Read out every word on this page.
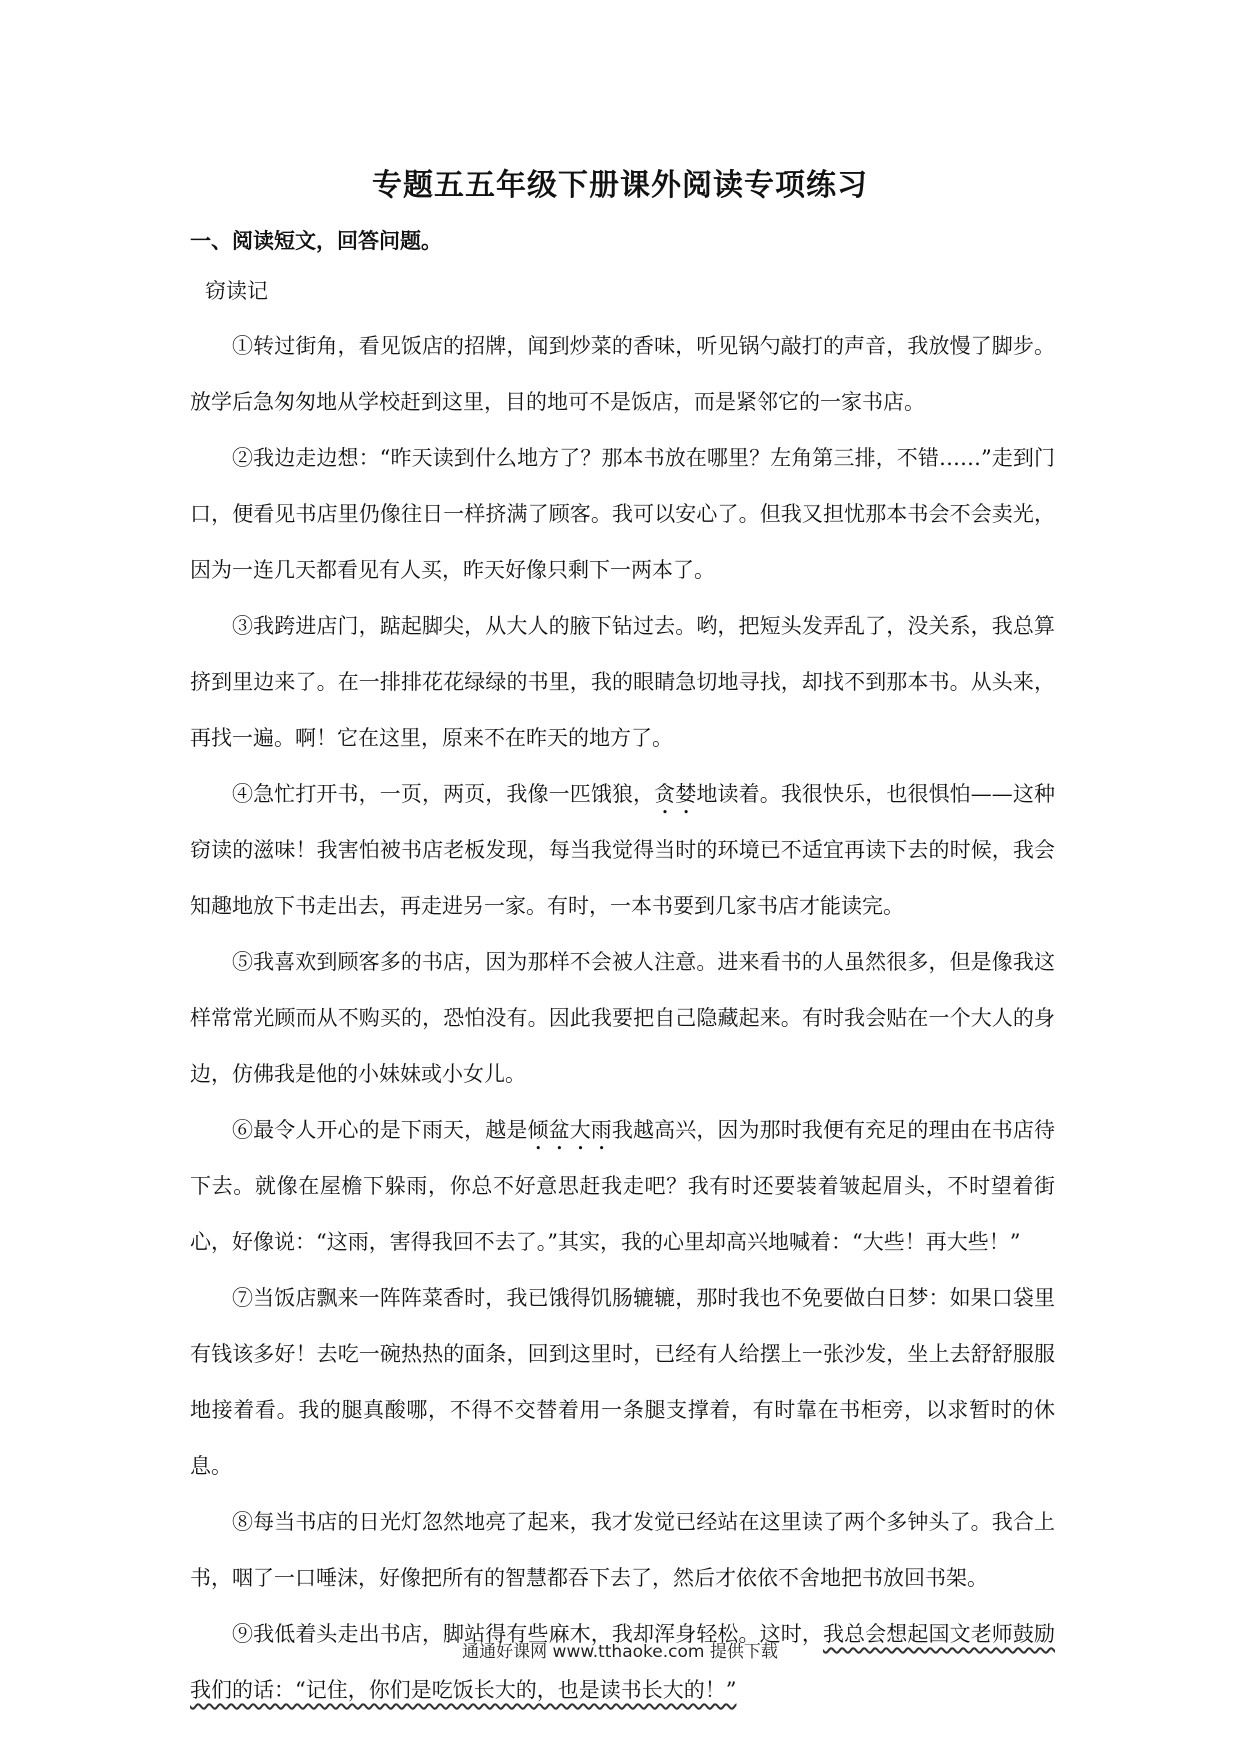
专题五五年级下册课外阅读专项练习
一、阅读短文，回答问题。
窃读记

①转过街角，看见饭店的招牌，闻到炒菜的香味，听见锅勺敲打的声音，我放慢了脚步。放学后急匆匆地从学校赶到这里，目的地可不是饭店，而是紧邻它的一家书店。

②我边走边想：“昨天读到什么地方了？那本书放在哪里？左角第三排，不错……”走到门口，便看见书店里仍像往日一样挤满了顾客。我可以安心了。但我又担忧那本书会不会卖光，因为一连几天都看见有人买，昨天好像只剩下一两本了。

③我跨进店门，踮起脚尖，从大人的腋下钻过去。哟，把短头发弄乱了，没关系，我总算挤到里边来了。在一排排花花绿绿的书里，我的眼睛急切地寻找，却找不到那本书。从头来，再找一遍。啊！它在这里，原来不在昨天的地方了。

④急忙打开书，一页，两页，我像一匹饿狼，贪婪地读着。我很快乐，也很惧怕——这种窃读的滋味！我害怕被书店老板发现，每当我觉得当时的环境已不适宜再读下去的时候，我会知趣地放下书走出去，再走进另一家。有时，一本书要到几家书店才能读完。

⑤我喜欢到顾客多的书店，因为那样不会被人注意。进来看书的人虽然很多，但是像我这样常常光顾而从不购买的，恐怕没有。因此我要把自己隐藏起来。有时我会贴在一个大人的身边，仿佛我是他的小妹妹或小女儿。

⑥最令人开心的是下雨天，越是倾盆大雨我越高兴，因为那时我便有充足的理由在书店待下去。就像在屋檐下躲雨，你总不好意思赶我走吧？我有时还要装着皱起眉头，不时望着街心，好像说：“这雨，害得我回不去了。”其实，我的心里却高兴地喊着：“大些！再大些！”

⑦当饭店飘来一阵阵菜香时，我已饿得饥肠辘辘，那时我也不免要做白日梦：如果口袋里有钱该多好！去吃一碗热热的面条，回到这里时，已经有人给摆上一张沙发，坐上去舒舒服服地接着看。我的腿真酸哪，不得不交替着用一条腿支撑着，有时靠在书柜旁，以求暂时的休息。

⑧每当书店的日光灯忽然地亮了起来，我才发觉已经站在这里读了两个多钟头了。我合上书，咽了一口唾沫，好像把所有的智慧都吞下去了，然后才依依不舍地把书放回书架。

⑨我低着头走出书店，脚站得有些麻木，我却浑身轻松。这时，我总会想起国文老师鼓励我们的话：“记住，你们是吃饭长大的，也是读书长大的！”

通通好课网 www.tthaoke.com 提供下载
